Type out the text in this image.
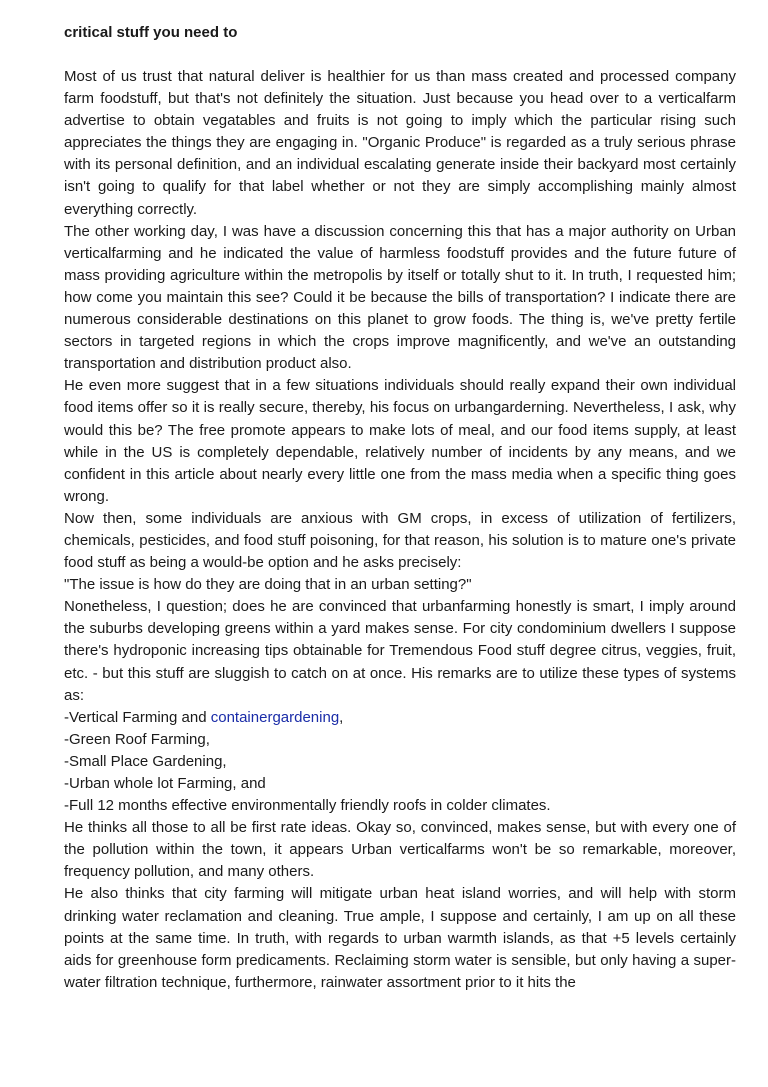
critical stuff you need to

Most of us trust that natural deliver is healthier for us than mass created and processed company farm foodstuff, but that's not definitely the situation. Just because you head over to a verticalfarm advertise to obtain vegatables and fruits is not going to imply which the particular rising such appreciates the things they are engaging in. "Organic Produce" is regarded as a truly serious phrase with its personal definition, and an individual escalating generate inside their backyard most certainly isn't going to qualify for that label whether or not they are simply accomplishing mainly almost everything correctly.

The other working day, I was have a discussion concerning this that has a major authority on Urban verticalfarming and he indicated the value of harmless foodstuff provides and the future future of mass providing agriculture within the metropolis by itself or totally shut to it. In truth, I requested him; how come you maintain this see? Could it be because the bills of transportation? I indicate there are numerous considerable destinations on this planet to grow foods. The thing is, we've pretty fertile sectors in targeted regions in which the crops improve magnificently, and we've an outstanding transportation and distribution product also.

He even more suggest that in a few situations individuals should really expand their own individual food items offer so it is really secure, thereby, his focus on urbangarderning. Nevertheless, I ask, why would this be? The free promote appears to make lots of meal, and our food items supply, at least while in the US is completely dependable, relatively number of incidents by any means, and we confident in this article about nearly every little one from the mass media when a specific thing goes wrong.

Now then, some individuals are anxious with GM crops, in excess of utilization of fertilizers, chemicals, pesticides, and food stuff poisoning, for that reason, his solution is to mature one's private food stuff as being a would-be option and he asks precisely:

"The issue is how do they are doing that in an urban setting?"

Nonetheless, I question; does he are convinced that urbanfarming honestly is smart, I imply around the suburbs developing greens within a yard makes sense. For city condominium dwellers I suppose there's hydroponic increasing tips obtainable for Tremendous Food stuff degree citrus, veggies, fruit, etc. - but this stuff are sluggish to catch on at once. His remarks are to utilize these types of systems as:

-Vertical Farming and containergardening,

-Green Roof Farming,

-Small Place Gardening,

-Urban whole lot Farming, and

-Full 12 months effective environmentally friendly roofs in colder climates.

He thinks all those to all be first rate ideas. Okay so, convinced, makes sense, but with every one of the pollution within the town, it appears Urban verticalfarms won't be so remarkable, moreover, frequency pollution, and many others.

He also thinks that city farming will mitigate urban heat island worries, and will help with storm drinking water reclamation and cleaning. True ample, I suppose and certainly, I am up on all these points at the same time. In truth, with regards to urban warmth islands, as that +5 levels certainly aids for greenhouse form predicaments. Reclaiming storm water is sensible, but only having a super-water filtration technique, furthermore, rainwater assortment prior to it hits the
